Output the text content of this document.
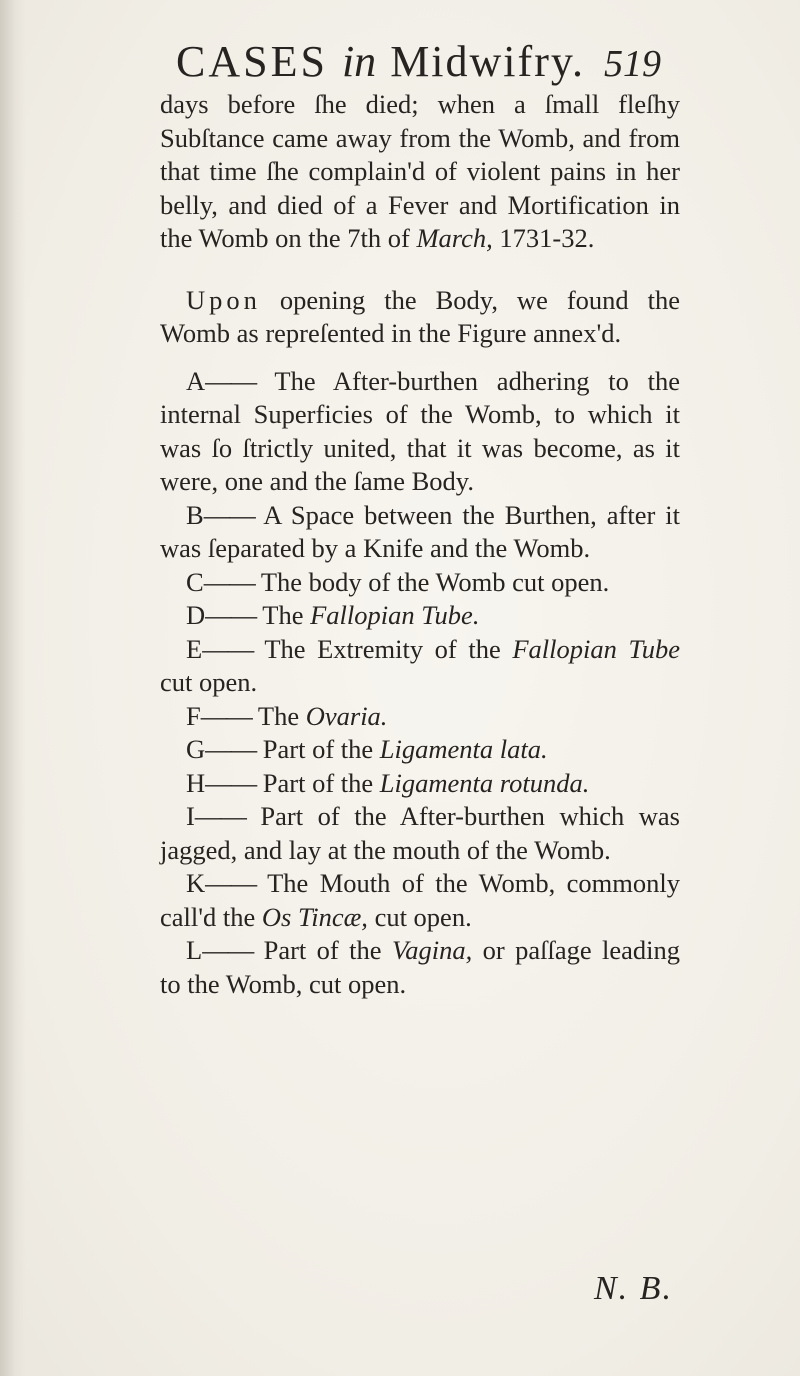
CASES in Midwifry. 519

days before ſhe died; when a ſmall fleſhy Subſtance came away from the Womb, and from that time ſhe complain'd of violent pains in her belly, and died of a Fever and Mortification in the Womb on the 7th of March, 1731-32.

Upon opening the Body, we found the Womb as repreſented in the Figure annex'd.

A—— The After-burthen adhering to the internal Superficies of the Womb, to which it was ſo ſtrictly united, that it was become, as it were, one and the ſame Body.

B—— A Space between the Burthen, after it was ſeparated by a Knife and the Womb.

C—— The body of the Womb cut open.

D—— The Fallopian Tube.

E—— The Extremity of the Fallopian Tube cut open.

F—— The Ovaria.

G—— Part of the Ligamenta lata.

H—— Part of the Ligamenta rotunda.

I—— Part of the After-burthen which was jagged, and lay at the mouth of the Womb.

K—— The Mouth of the Womb, commonly call'd the Os Tincæ, cut open.

L—— Part of the Vagina, or paſſage leading to the Womb, cut open.

N. B.
